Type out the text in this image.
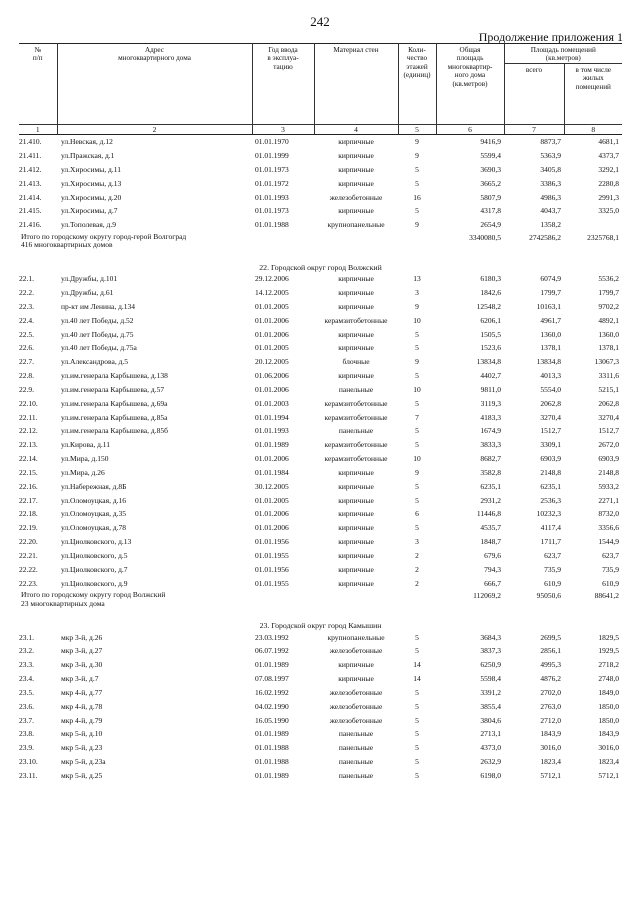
242
Продолжение приложения 1
№
п/п	Адрес
многоквартирного дома	Год ввода
в эксплуа-
тацию	Материал стен	Коли-
чество
этажей
(единиц)	Общая
площадь
многоквартир-
ного дома
(кв.метров)	Площадь помещений
(кв.метров)	
						всего	в том числе
жилых
помещений
1	2	3	4	5	6	7	8
21.410.	ул.Невская, д.12	01.01.1970	кирпичные	9	9416,9	8873,7	4681,1
21.411.	ул.Пражская, д.1	01.01.1999	кирпичные	9	5599,4	5363,9	4373,7
21.412.	ул.Хиросимы, д.11	01.01.1973	кирпичные	5	3690,3	3405,8	3292,1
21.413.	ул.Хиросимы, д.13	01.01.1972	кирпичные	5	3665,2	3386,3	2280,8
21.414.	ул.Хиросимы, д.20	01.01.1993	железобетонные	16	5807,9	4986,3	2991,3
21.415.	ул.Хиросимы, д.7	01.01.1973	кирпичные	5	4317,8	4043,7	3325,0
21.416.	ул.Тополевая, д.9	01.01.1988	крупнопанельные	9	2654,9	1358,2	
Итого по городскому округу город-герой Волгоград
416 многоквартирных домов					3340080,5	2742586,2	2325768,1
22. Городской округ город Волжский							
22.1.	ул.Дружбы, д.101	29.12.2006	кирпичные	13	6180,3	6074,9	5536,2
22.2.	ул.Дружбы, д.61	14.12.2005	кирпичные	3	1842,6	1799,7	1799,7
22.3.	пр-кт им Ленина, д.134	01.01.2005	кирпичные	9	12548,2	10163,1	9702,2
22.4.	ул.40 лет Победы, д.52	01.01.2006	керамзитобетонные	10	6206,1	4961,7	4892,1
22.5.	ул.40 лет Победы, д.75	01.01.2006	кирпичные	5	1505,5	1360,0	1360,0
22.6.	ул.40 лет Победы, д.75а	01.01.2005	кирпичные	5	1523,6	1378,1	1378,1
22.7.	ул.Александрова, д.5	20.12.2005	блочные	9	13834,8	13834,8	13067,3
22.8.	ул.им.генерала Карбышева, д.138	01.06.2006	кирпичные	5	4402,7	4013,3	3311,6
22.9.	ул.им.генерала Карбышева, д.57	01.01.2006	панельные	10	9811,0	5554,0	5215,1
22.10.	ул.им.генерала Карбышева, д.69а	01.01.2003	керамзитобетонные	5	3119,3	2062,8	2062,8
22.11.	ул.им.генерала Карбышева, д.85а	01.01.1994	керамзитобетонные	7	4183,3	3270,4	3270,4
22.12.	ул.им.генерала Карбышева, д.85б	01.01.1993	панельные	5	1674,9	1512,7	1512,7
22.13.	ул.Кирова, д.11	01.01.1989	керамзитобетонные	5	3833,3	3309,1	2672,0
22.14.	ул.Мира, д.150	01.01.2006	керамзитобетонные	10	8682,7	6903,9	6903,9
22.15.	ул.Мира, д.26	01.01.1984	кирпичные	9	3582,8	2148,8	2148,8
22.16.	ул.Набережная, д.8Б	30.12.2005	кирпичные	5	6235,1	6235,1	5933,2
22.17.	ул.Оломоуцкая, д.16	01.01.2005	кирпичные	5	2931,2	2536,3	2271,1
22.18.	ул.Оломоуцкая, д.35	01.01.2006	кирпичные	6	11446,8	10232,3	8732,0
22.19.	ул.Оломоуцкая, д.78	01.01.2006	кирпичные	5	4535,7	4117,4	3356,6
22.20.	ул.Циолковского, д.13	01.01.1956	кирпичные	3	1848,7	1711,7	1544,9
22.21.	ул.Циолковского, д.5	01.01.1955	кирпичные	2	679,6	623,7	623,7
22.22.	ул.Циолковского, д.7	01.01.1956	кирпичные	2	794,3	735,9	735,9
22.23.	ул.Циолковского, д.9	01.01.1955	кирпичные	2	666,7	610,9	610,9
Итого по городскому округу город Волжский
23 многоквартирных дома					112069,2	95050,6	88641,2
23. Городской округ город Камышин							
23.1.	мкр 3-й, д.26	23.03.1992	крупнопанельные	5	3684,3	2699,5	1829,5
23.2.	мкр 3-й, д.27	06.07.1992	железобетонные	5	3837,3	2856,1	1929,5
23.3.	мкр 3-й, д.30	01.01.1989	кирпичные	14	6250,9	4995,3	2718,2
23.4.	мкр 3-й, д.7	07.08.1997	кирпичные	14	5598,4	4876,2	2748,0
23.5.	мкр 4-й, д.77	16.02.1992	железобетонные	5	3391,2	2702,0	1849,0
23.6.	мкр 4-й, д.78	04.02.1990	железобетонные	5	3855,4	2763,0	1850,0
23.7.	мкр 4-й, д.79	16.05.1990	железобетонные	5	3804,6	2712,0	1850,0
23.8.	мкр 5-й, д.10	01.01.1989	панельные	5	2713,1	1843,9	1843,9
23.9.	мкр 5-й, д.23	01.01.1988	панельные	5	4373,0	3016,0	3016,0
23.10.	мкр 5-й, д.23а	01.01.1988	панельные	5	2632,9	1823,4	1823,4
23.11.	мкр 5-й, д.25	01.01.1989	панельные	5	6198,0	5712,1	5712,1
